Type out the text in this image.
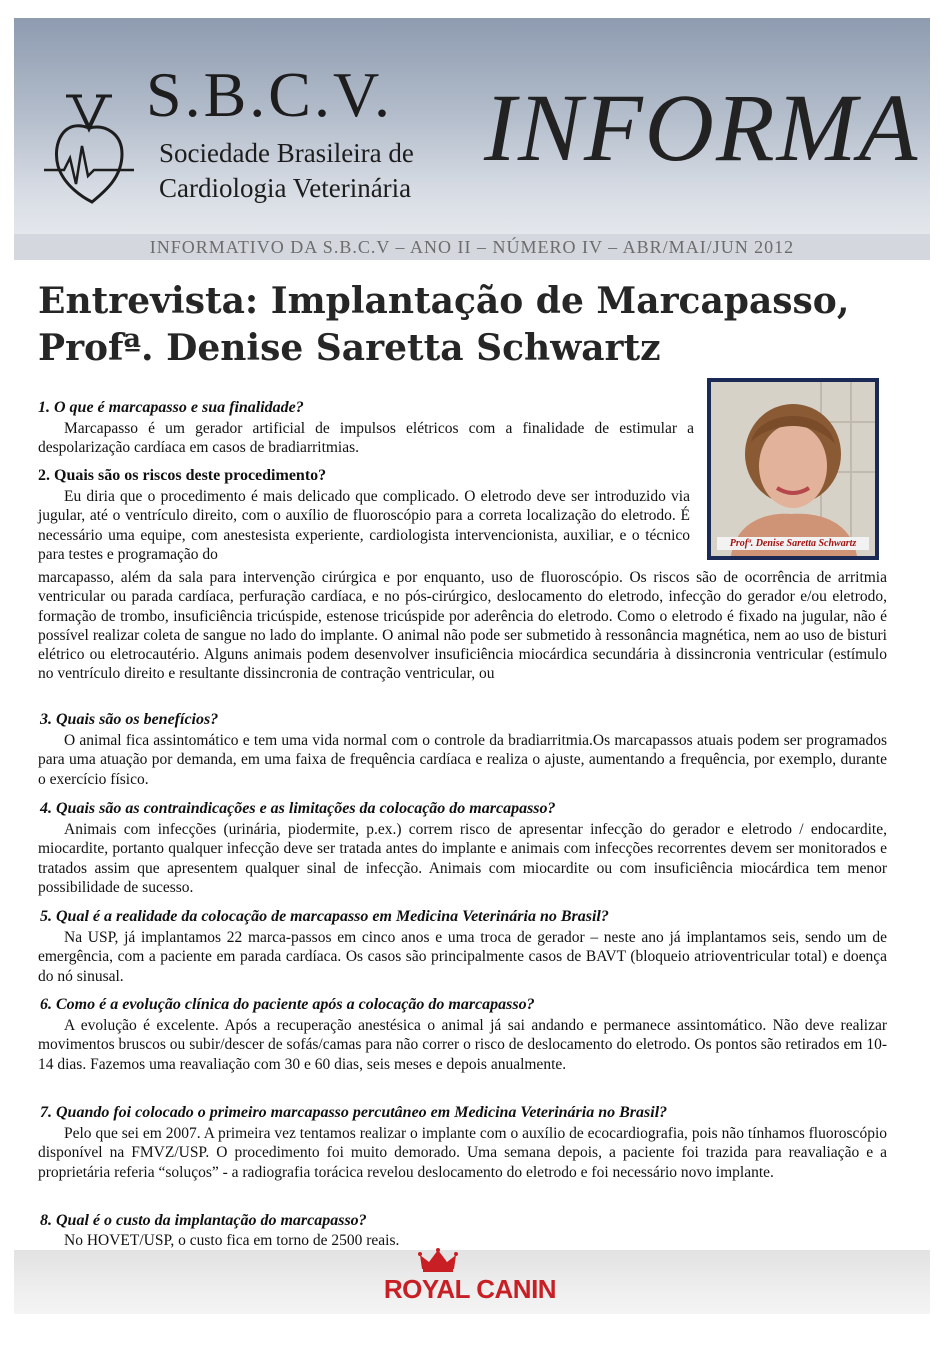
S.B.C.V.
Sociedade Brasileira de
Cardiologia Veterinária
INFORMA
INFORMATIVO DA S.B.C.V – ANO II – NÚMERO IV – ABR/MAI/JUN 2012
Entrevista: Implantação de Marcapasso,
Profª. Denise Saretta Schwartz
Profª. Denise Saretta Schwartz
1. O que é marcapasso e sua finalidade?
Marcapasso é um gerador artificial de impulsos elétricos com a finalidade de estimular a despolarização cardíaca em casos de bradiarritmias.
2. Quais são os riscos deste procedimento?
Eu diria que o procedimento é mais delicado que complicado. O eletrodo deve ser introduzido via jugular, até o ventrículo direito, com o auxílio de fluoroscópio para a correta localização do eletrodo. É necessário uma equipe, com anestesista experiente, cardiologista intervencionista, auxiliar, e o técnico para testes e programação do
marcapasso, além da sala para intervenção cirúrgica e por enquanto, uso de fluoroscópio. Os riscos são de ocorrência de arritmia ventricular ou parada cardíaca, perfuração cardíaca, e no pós-cirúrgico, deslocamento do eletrodo, infecção do gerador e/ou eletrodo, formação de trombo, insuficiência tricúspide, estenose tricúspide por aderência do eletrodo. Como o eletrodo é fixado na jugular, não é possível realizar coleta de sangue no lado do implante. O animal não pode ser submetido à ressonância magnética, nem ao uso de bisturi elétrico ou eletrocautério. Alguns animais podem desenvolver insuficiência miocárdica secundária à dissincronia ventricular (estímulo no ventrículo direito e resultante dissincronia de contração ventricular, ou
3. Quais são os benefícios?
O animal fica assintomático e tem uma vida normal com o controle da bradiarritmia.Os marcapassos atuais podem ser programados para uma atuação por demanda, em uma faixa de frequência cardíaca e realiza o ajuste, aumentando a frequência, por exemplo, durante o exercício físico.
4. Quais são as contraindicações e as limitações da colocação do marcapasso?
Animais com infecções (urinária, piodermite, p.ex.) correm risco de apresentar infecção do gerador e eletrodo / endocardite, miocardite, portanto qualquer infecção deve ser tratada antes do implante e animais com infecções recorrentes devem ser monitorados e tratados assim que apresentem qualquer sinal de infecção. Animais com miocardite ou com insuficiência miocárdica tem menor possibilidade de sucesso.
5. Qual é a realidade da colocação de marcapasso em Medicina Veterinária no Brasil?
Na USP, já implantamos 22 marca-passos em cinco anos e uma troca de gerador – neste ano já implantamos seis, sendo um de emergência, com a paciente em parada cardíaca. Os casos são principalmente casos de BAVT (bloqueio atrioventricular total) e doença do nó sinusal.
6. Como é a evolução clínica do paciente após a colocação do marcapasso?
A evolução é excelente. Após a recuperação anestésica o animal já sai andando e permanece assintomático. Não deve realizar movimentos bruscos ou subir/descer de sofás/camas para não correr o risco de deslocamento do eletrodo. Os pontos são retirados em 10-14 dias. Fazemos uma reavaliação com 30 e 60 dias, seis meses e depois anualmente.
7. Quando foi colocado o primeiro marcapasso percutâneo em Medicina Veterinária no Brasil?
Pelo que sei em 2007. A primeira vez tentamos realizar o implante com o auxílio de ecocardiografia, pois não tínhamos fluoroscópio disponível na FMVZ/USP. O procedimento foi muito demorado. Uma semana depois, a paciente foi trazida para reavaliação e a proprietária referia “soluços” - a radiografia torácica revelou deslocamento do eletrodo e foi necessário novo implante.
8. Qual é o custo da implantação do marcapasso?
No HOVET/USP, o custo fica em torno de 2500 reais.
ROYAL CANIN
